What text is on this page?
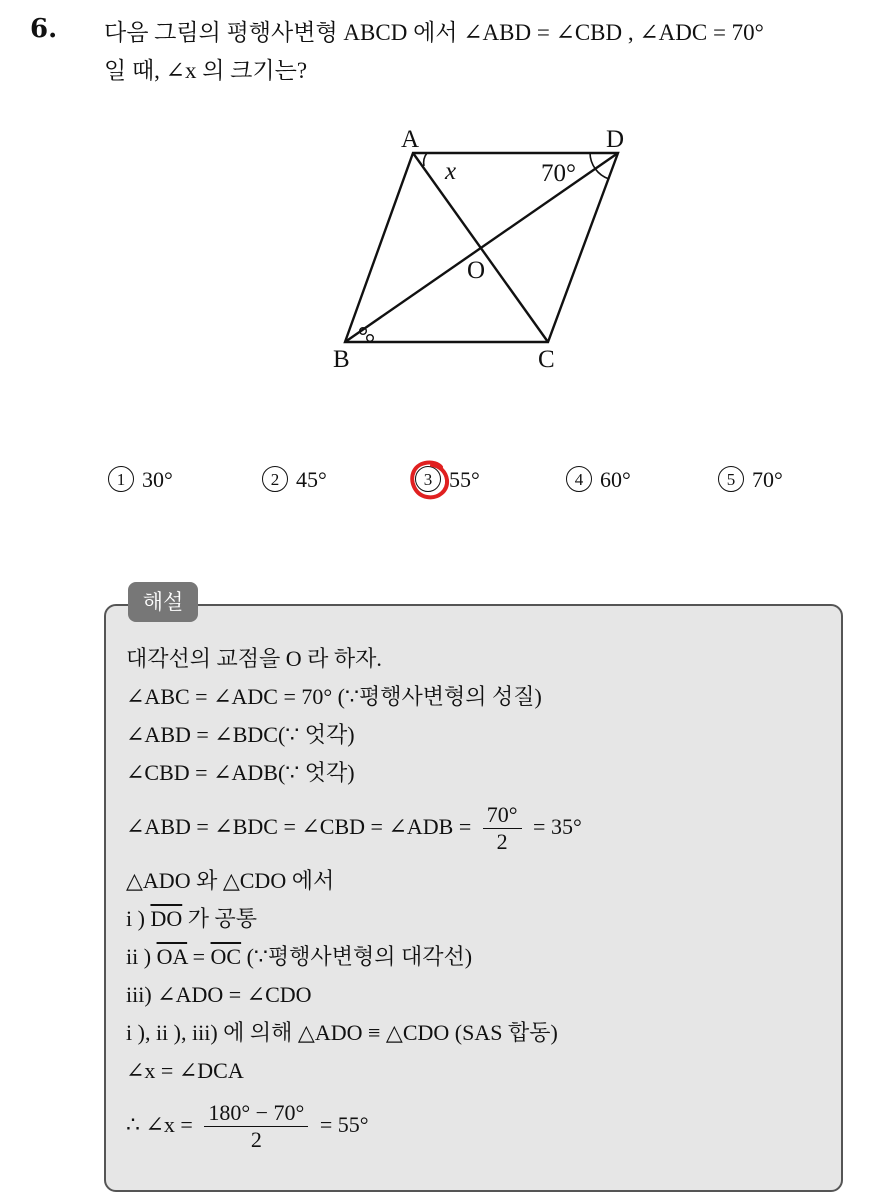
6. 다음 그림의 평행사변형 ABCD 에서 ∠ABD = ∠CBD , ∠ADC = 70°
일 때, ∠x 의 크기는?
A	D
B	C
O
x	70°
1 30°	2 45°	3 55°	4 60°	5 70°
해설
대각선의 교점을 O 라 하자.
∠ABC = ∠ADC = 70° (∵평행사변형의 성질)
∠ABD = ∠BDC(∵ 엇각)
∠CBD = ∠ADB(∵ 엇각)
∠ABD = ∠BDC = ∠CBD = ∠ADB = $\frac{70^\circ}{2} = 35^\circ$
△ADO 와 △CDO 에서
i ) $\overline{DO}$ 가 공통
ii ) $\overline{OA} = \overline{OC}$ (∵평행사변형의 대각선)
iii) ∠ADO = ∠CDO
i ), ii ), iii) 에 의해 △ADO ≡ △CDO (SAS 합동)
∠x = ∠DCA
∴ ∠x = $\frac{180^\circ - 70^\circ}{2} = 55^\circ$
